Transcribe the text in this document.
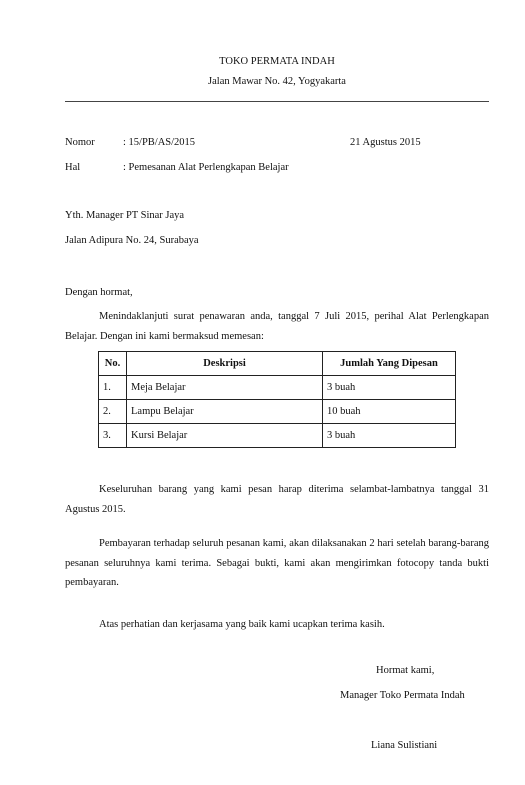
TOKO PERMATA INDAH
Jalan Mawar No. 42, Yogyakarta
Nomor	: 15/PB/AS/2015	21 Agustus 2015
Hal	: Pemesanan Alat Perlengkapan Belajar
Yth. Manager PT Sinar Jaya
Jalan Adipura No. 24, Surabaya
Dengan hormat,
Menindaklanjuti surat penawaran anda, tanggal 7 Juli 2015, perihal Alat Perlengkapan Belajar. Dengan ini kami bermaksud memesan:
No.	Deskripsi	Jumlah Yang Dipesan
1.	Meja Belajar	3 buah
2.	Lampu Belajar	10 buah
3.	Kursi Belajar	3 buah
Keseluruhan barang yang kami pesan harap diterima selambat-lambatnya tanggal 31 Agustus 2015.
Pembayaran terhadap seluruh pesanan kami, akan dilaksanakan 2 hari setelah barang-barang pesanan seluruhnya kami terima. Sebagai bukti, kami akan mengirimkan fotocopy tanda bukti pembayaran.
Atas perhatian dan kerjasama yang baik kami ucapkan terima kasih.
Hormat kami,
Manager Toko Permata Indah
Liana Sulistiani
